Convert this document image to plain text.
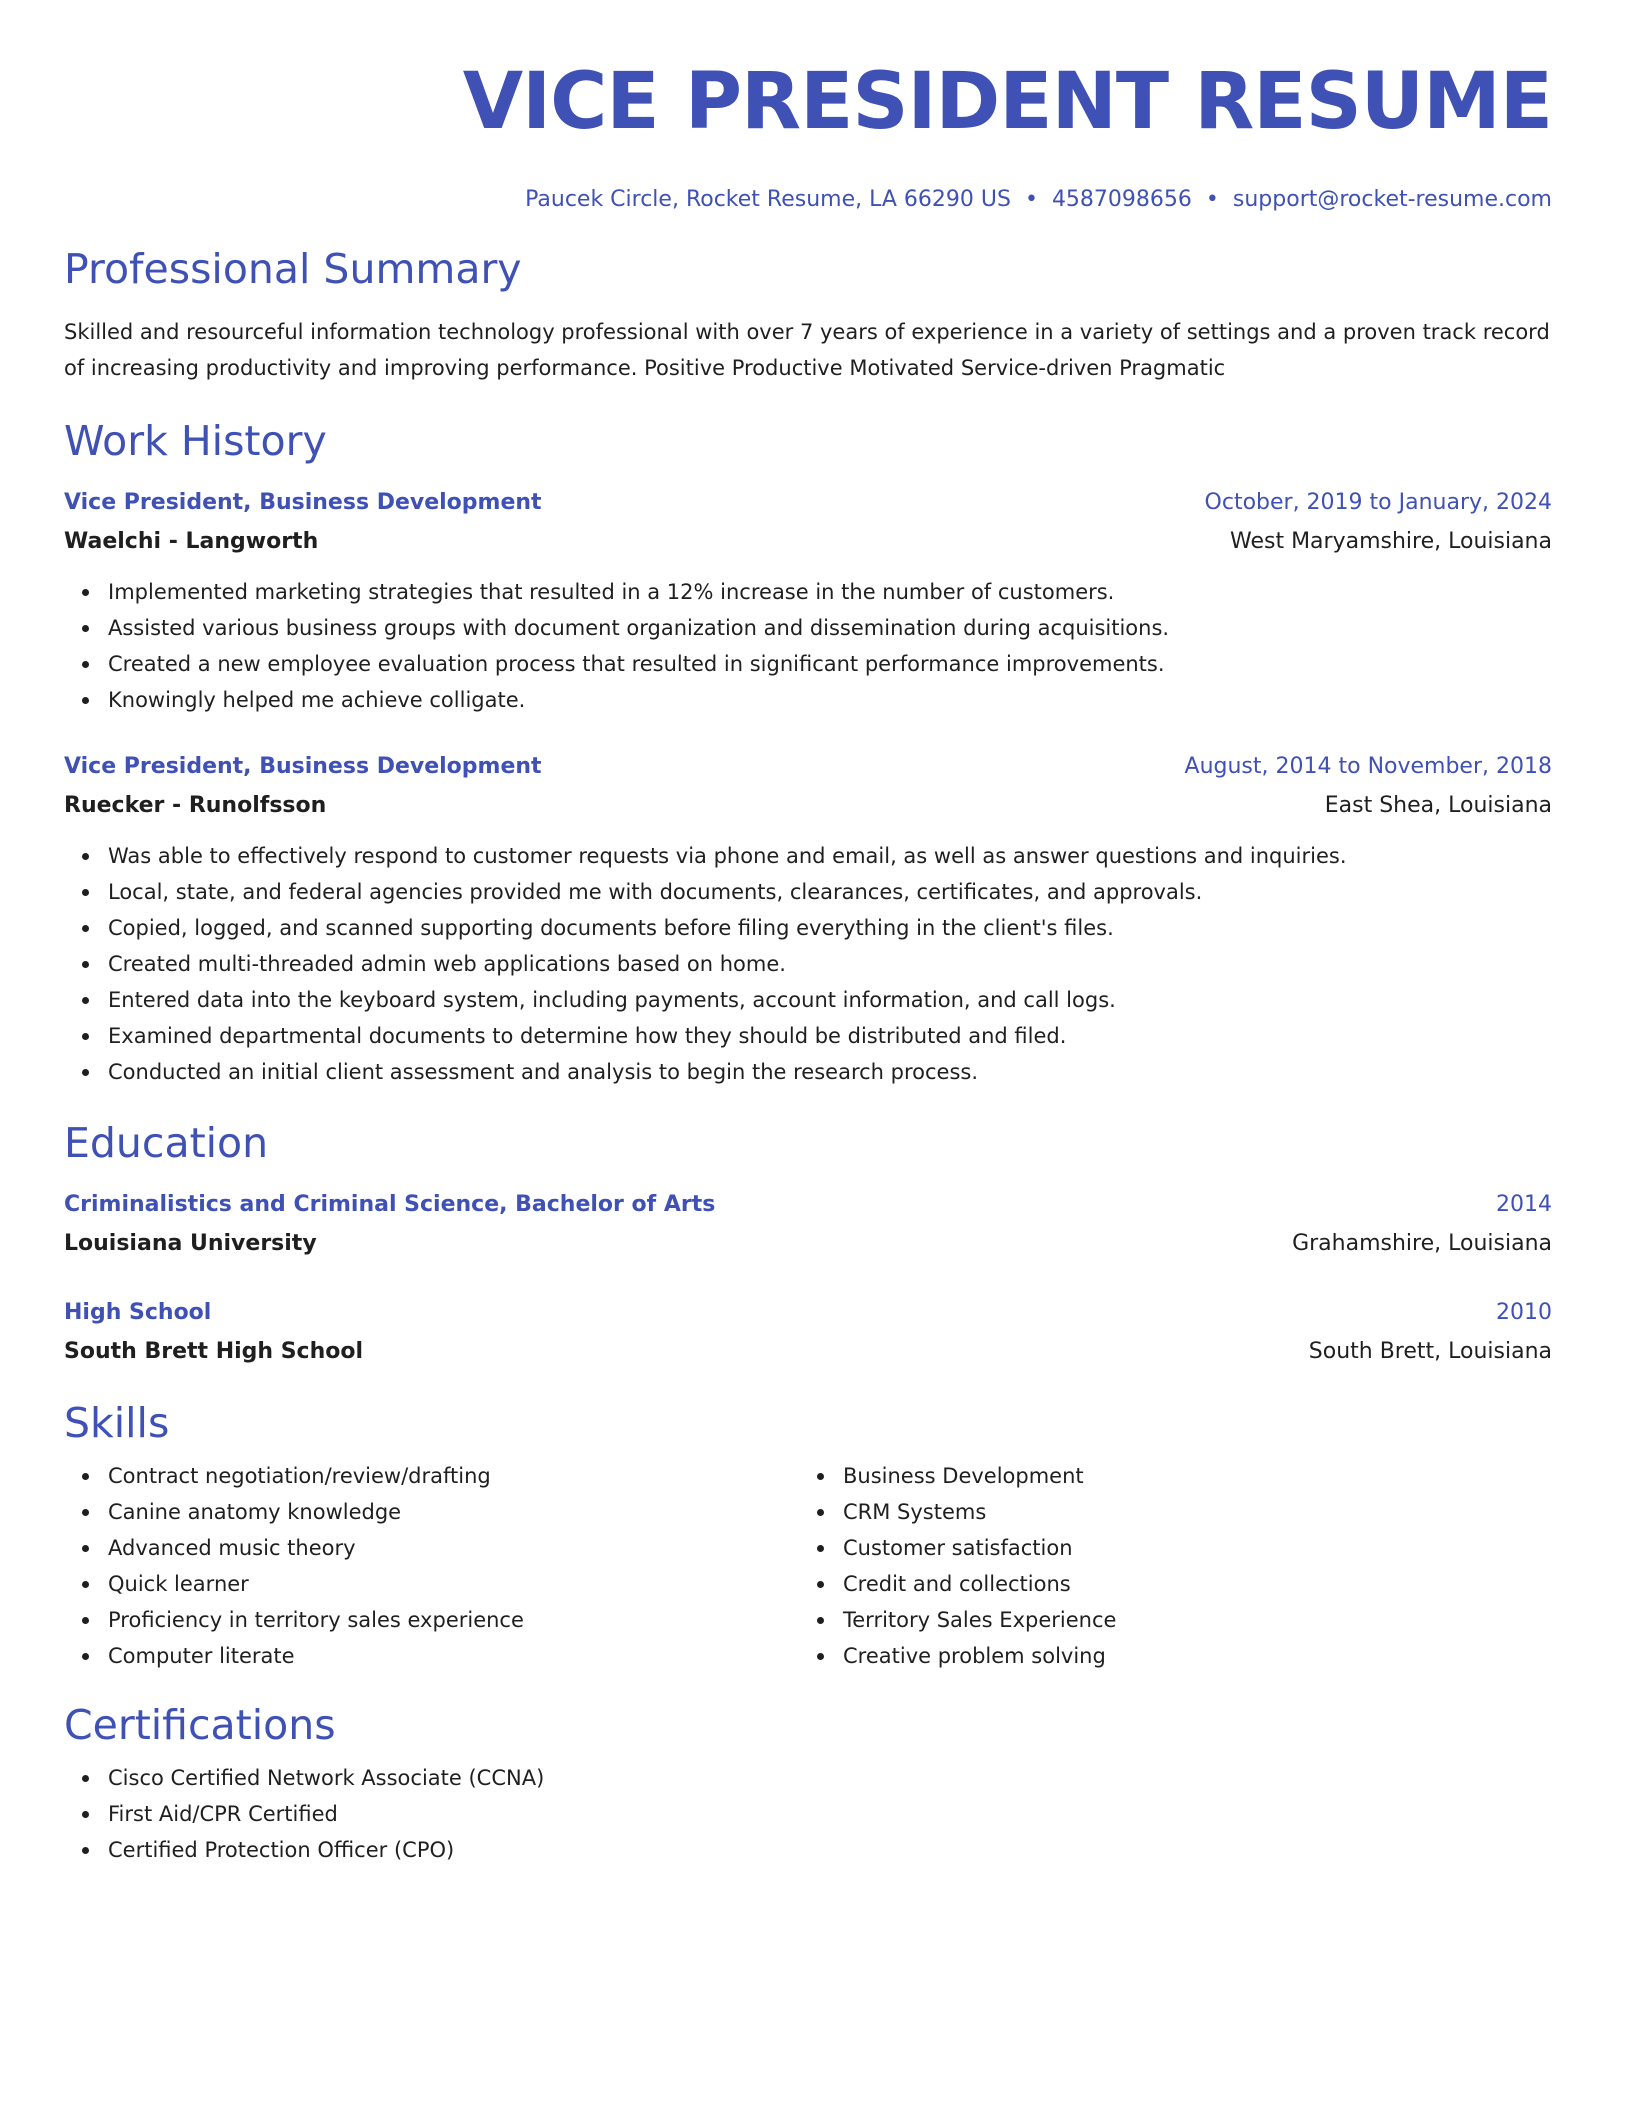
VICE PRESIDENT RESUME
Paucek Circle, Rocket Resume, LA 66290 US • 4587098656 • support@rocket-resume.com
Professional Summary
Skilled and resourceful information technology professional with over 7 years of experience in a variety of settings and a proven track record of increasing productivity and improving performance. Positive Productive Motivated Service-driven Pragmatic
Work History
Vice President, Business Development	October, 2019 to January, 2024
Waelchi - Langworth	West Maryamshire, Louisiana
Implemented marketing strategies that resulted in a 12% increase in the number of customers.
Assisted various business groups with document organization and dissemination during acquisitions.
Created a new employee evaluation process that resulted in significant performance improvements.
Knowingly helped me achieve colligate.
Vice President, Business Development	August, 2014 to November, 2018
Ruecker - Runolfsson	East Shea, Louisiana
Was able to effectively respond to customer requests via phone and email, as well as answer questions and inquiries.
Local, state, and federal agencies provided me with documents, clearances, certificates, and approvals.
Copied, logged, and scanned supporting documents before filing everything in the client's files.
Created multi-threaded admin web applications based on home.
Entered data into the keyboard system, including payments, account information, and call logs.
Examined departmental documents to determine how they should be distributed and filed.
Conducted an initial client assessment and analysis to begin the research process.
Education
Criminalistics and Criminal Science, Bachelor of Arts	2014
Louisiana University	Grahamshire, Louisiana
High School	2010
South Brett High School	South Brett, Louisiana
Skills
Contract negotiation/review/drafting
Canine anatomy knowledge
Advanced music theory
Quick learner
Proficiency in territory sales experience
Computer literate
Business Development
CRM Systems
Customer satisfaction
Credit and collections
Territory Sales Experience
Creative problem solving
Certifications
Cisco Certified Network Associate (CCNA)
First Aid/CPR Certified
Certified Protection Officer (CPO)
